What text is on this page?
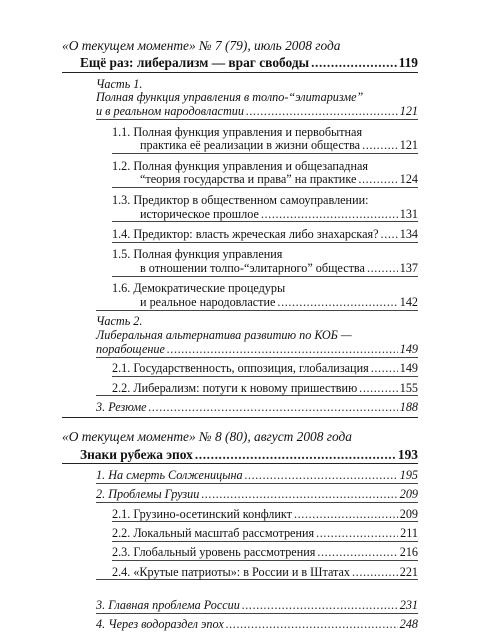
«О текущем моменте» № 7 (79), июль 2008 года
Ещё раз: либерализм — враг свободы .....	119
Часть 1.
Полная функция управления в толпо-“элитаризме”
и в реальном народовластии .....	121
1.1. Полная функция управления и первобытная
практика её реализации в жизни общества .....	121
1.2. Полная функция управления и общезападная
“теория государства и права” на практике .....	124
1.3. Предиктор в общественном самоуправлении:
историческое прошлое .....	131
1.4. Предиктор: власть жреческая либо знахарская? ..... 134
1.5. Полная функция управления
в отношении толпо-“элитарного” общества .....	137
1.6. Демократические процедуры
и реальное народовластие .....	142
Часть 2.
Либеральная альтернатива развитию по КОБ —
порабощение .....	149
2.1. Государственность, оппозиция, глобализация .....	149
2.2. Либерализм: потуги к новому пришествию .....	155
3. Резюме .....	188
«О текущем моменте» № 8 (80), август 2008 года
Знаки рубежа эпох .....	193
1. На смерть Солженицына .....	195
2. Проблемы Грузии .....	209
2.1. Грузино-осетинский конфликт .....	209
2.2. Локальный масштаб рассмотрения .....	211
2.3. Глобальный уровень рассмотрения .....	216
2.4. «Крутые патриоты»: в России и в Штатах .....	221
3. Главная проблема России .....	231
4. Через водораздел эпох .....	248
